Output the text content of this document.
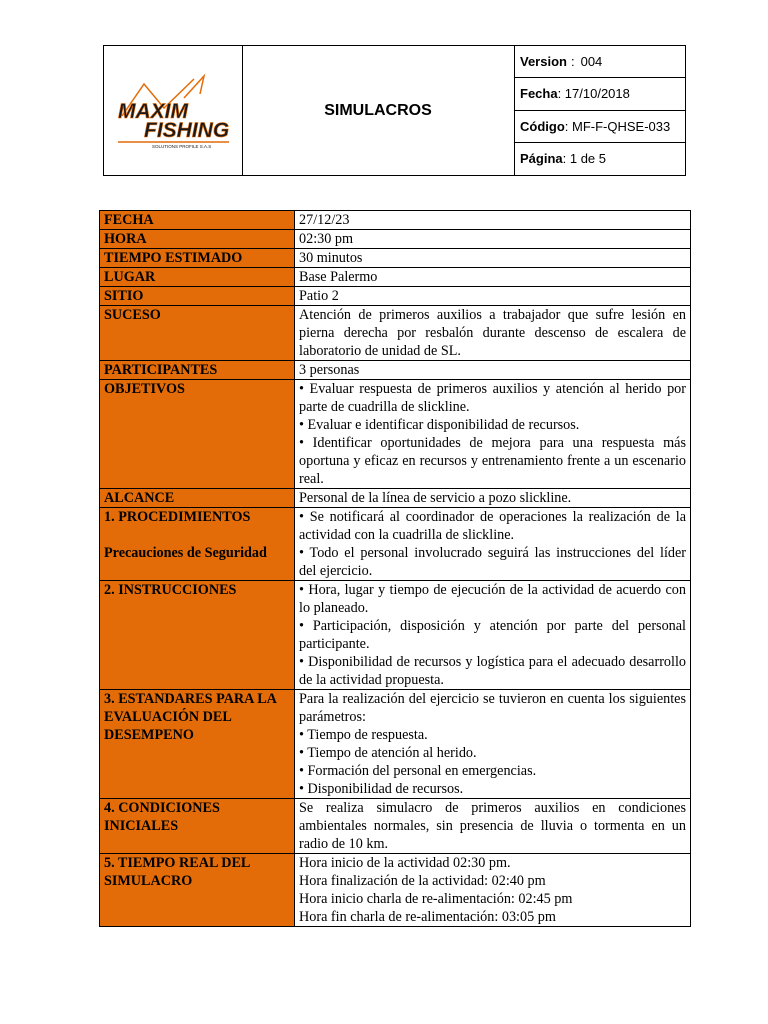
MAXIM
FISHING
SOLUTIONS PROFILE S.A.S
SIMULACROS
Version : 004
Fecha : 17/10/2018
Código : MF-F-QHSE-033
Página : 1 de 5
FECHA	27/12/23
HORA	02:30 pm
TIEMPO ESTIMADO	30 minutos
LUGAR	Base Palermo
SITIO	Patio 2
SUCESO	Atención de primeros auxilios a trabajador que sufre lesión en pierna derecha por resbalón durante descenso de escalera de laboratorio de unidad de SL.
PARTICIPANTES	3 personas
OBJETIVOS	• Evaluar respuesta de primeros auxilios y atención al herido por parte de cuadrilla de slickline.
• Evaluar e identificar disponibilidad de recursos.
• Identificar oportunidades de mejora para una respuesta más oportuna y eficaz en recursos y entrenamiento frente a un escenario real.

ALCANCE	Personal de la línea de servicio a pozo slickline.

1. PROCEDIMIENTOS
Precauciones de Seguridad	• Se notificará al coordinador de operaciones la realización de la actividad con la cuadrilla de slickline.
• Todo el personal involucrado seguirá las instrucciones del líder del ejercicio.

2. INSTRUCCIONES	• Hora, lugar y tiempo de ejecución de la actividad de acuerdo con lo planeado.
• Participación, disposición y atención por parte del personal participante.
• Disponibilidad de recursos y logística para el adecuado desarrollo de la actividad propuesta.

3. ESTANDARES PARA LA EVALUACIÓN DEL DESEMPENO	Para la realización del ejercicio se tuvieron en cuenta los siguientes parámetros:
• Tiempo de respuesta.
• Tiempo de atención al herido.
• Formación del personal en emergencias.
• Disponibilidad de recursos.

4. CONDICIONES INICIALES	Se realiza simulacro de primeros auxilios en condiciones ambientales normales, sin presencia de lluvia o tormenta en un radio de 10 km.
5. TIEMPO REAL DEL SIMULACRO	Hora inicio de la actividad 02:30 pm.
Hora finalización de la actividad: 02:40 pm
Hora inicio charla de re-alimentación: 02:45 pm
Hora fin charla de re-alimentación: 03:05 pm
